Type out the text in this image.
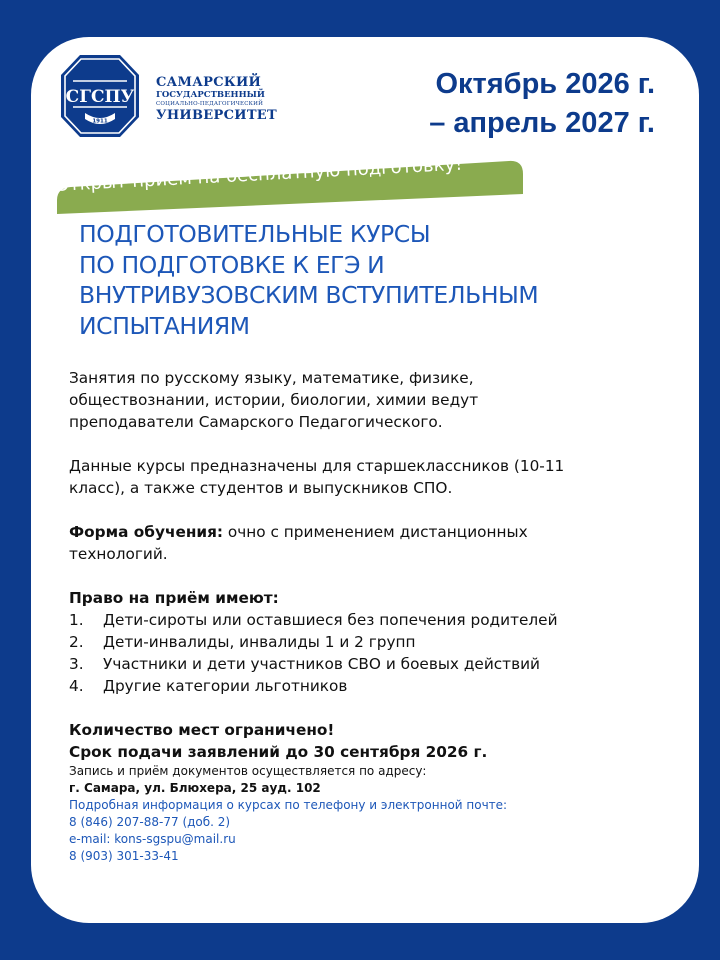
СГСПУ
1911
САМАРСКИЙ
ГОСУДАРСТВЕННЫЙ
СОЦИАЛЬНО-ПЕДАГОГИЧЕСКИЙ
УНИВЕРСИТЕТ
Октябрь 2026 г.
– апрель 2027 г.
Открыт приём на бесплатную подготовку!
ПОДГОТОВИТЕЛЬНЫЕ КУРСЫ
ПО ПОДГОТОВКЕ К ЕГЭ И
ВНУТРИВУЗОВСКИМ ВСТУПИТЕЛЬНЫМ
ИСПЫТАНИЯМ

Занятия по русскому языку, математике, физике,

обществознании, истории, биологии, химии ведут

преподаватели Самарского Педагогического.

Данные курсы предназначены для старшеклассников (10-11

класс), а также студентов и выпускников СПО.

Форма обучения: очно с применением дистанционных

технологий.

Право на приём имеют:

1.	Дети-сироты или оставшиеся без попечения родителей
2.	Дети-инвалиды, инвалиды 1 и 2 групп
3.	Участники и дети участников СВО и боевых действий
4.	Другие категории льготников

Количество мест ограничено!

Срок подачи заявлений до 30 сентября 2026 г.

Запись и приём документов осуществляется по адресу:

г. Самара, ул. Блюхера, 25 ауд. 102

Подробная информация о курсах по телефону и электронной почте:

8 (846) 207-88-77 (доб. 2)

e-mail: kons-sgspu@mail.ru

8 (903) 301-33-41
